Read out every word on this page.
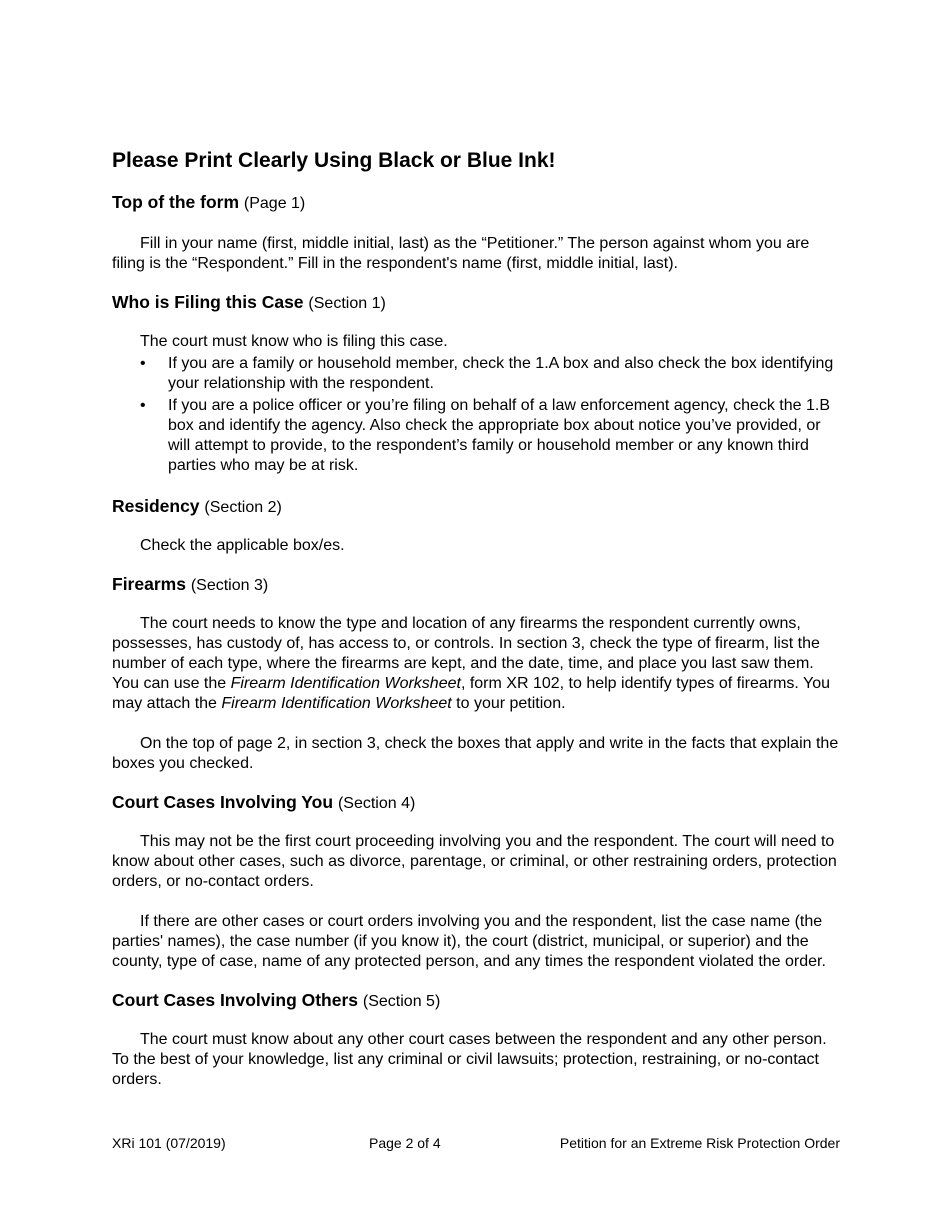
Please Print Clearly Using Black or Blue Ink!
Top of the form (Page 1)

Fill in your name (first, middle initial, last) as the “Petitioner.” The person against whom you are filing is the “Respondent.” Fill in the respondent's name (first, middle initial, last).

Who is Filing this Case (Section 1)

The court must know who is filing this case.

• If you are a family or household member, check the 1.A box and also check the box identifying your relationship with the respondent.
• If you are a police officer or you’re filing on behalf of a law enforcement agency, check the 1.B box and identify the agency. Also check the appropriate box about notice you’ve provided, or will attempt to provide, to the respondent’s family or household member or any known third parties who may be at risk.
Residency (Section 2)

Check the applicable box/es.

Firearms (Section 3)

The court needs to know the type and location of any firearms the respondent currently owns, possesses, has custody of, has access to, or controls. In section 3, check the type of firearm, list the number of each type, where the firearms are kept, and the date, time, and place you last saw them. You can use the Firearm Identification Worksheet, form XR 102, to help identify types of firearms. You may attach the Firearm Identification Worksheet to your petition.

On the top of page 2, in section 3, check the boxes that apply and write in the facts that explain the boxes you checked.

Court Cases Involving You (Section 4)

This may not be the first court proceeding involving you and the respondent. The court will need to know about other cases, such as divorce, parentage, or criminal, or other restraining orders, protection orders, or no-contact orders.

If there are other cases or court orders involving you and the respondent, list the case name (the parties' names), the case number (if you know it), the court (district, municipal, or superior) and the county, type of case, name of any protected person, and any times the respondent violated the order.

Court Cases Involving Others (Section 5)

The court must know about any other court cases between the respondent and any other person. To the best of your knowledge, list any criminal or civil lawsuits; protection, restraining, or no-contact orders.

XRi 101 (07/2019)	Page 2 of 4	Petition for an Extreme Risk Protection Order
